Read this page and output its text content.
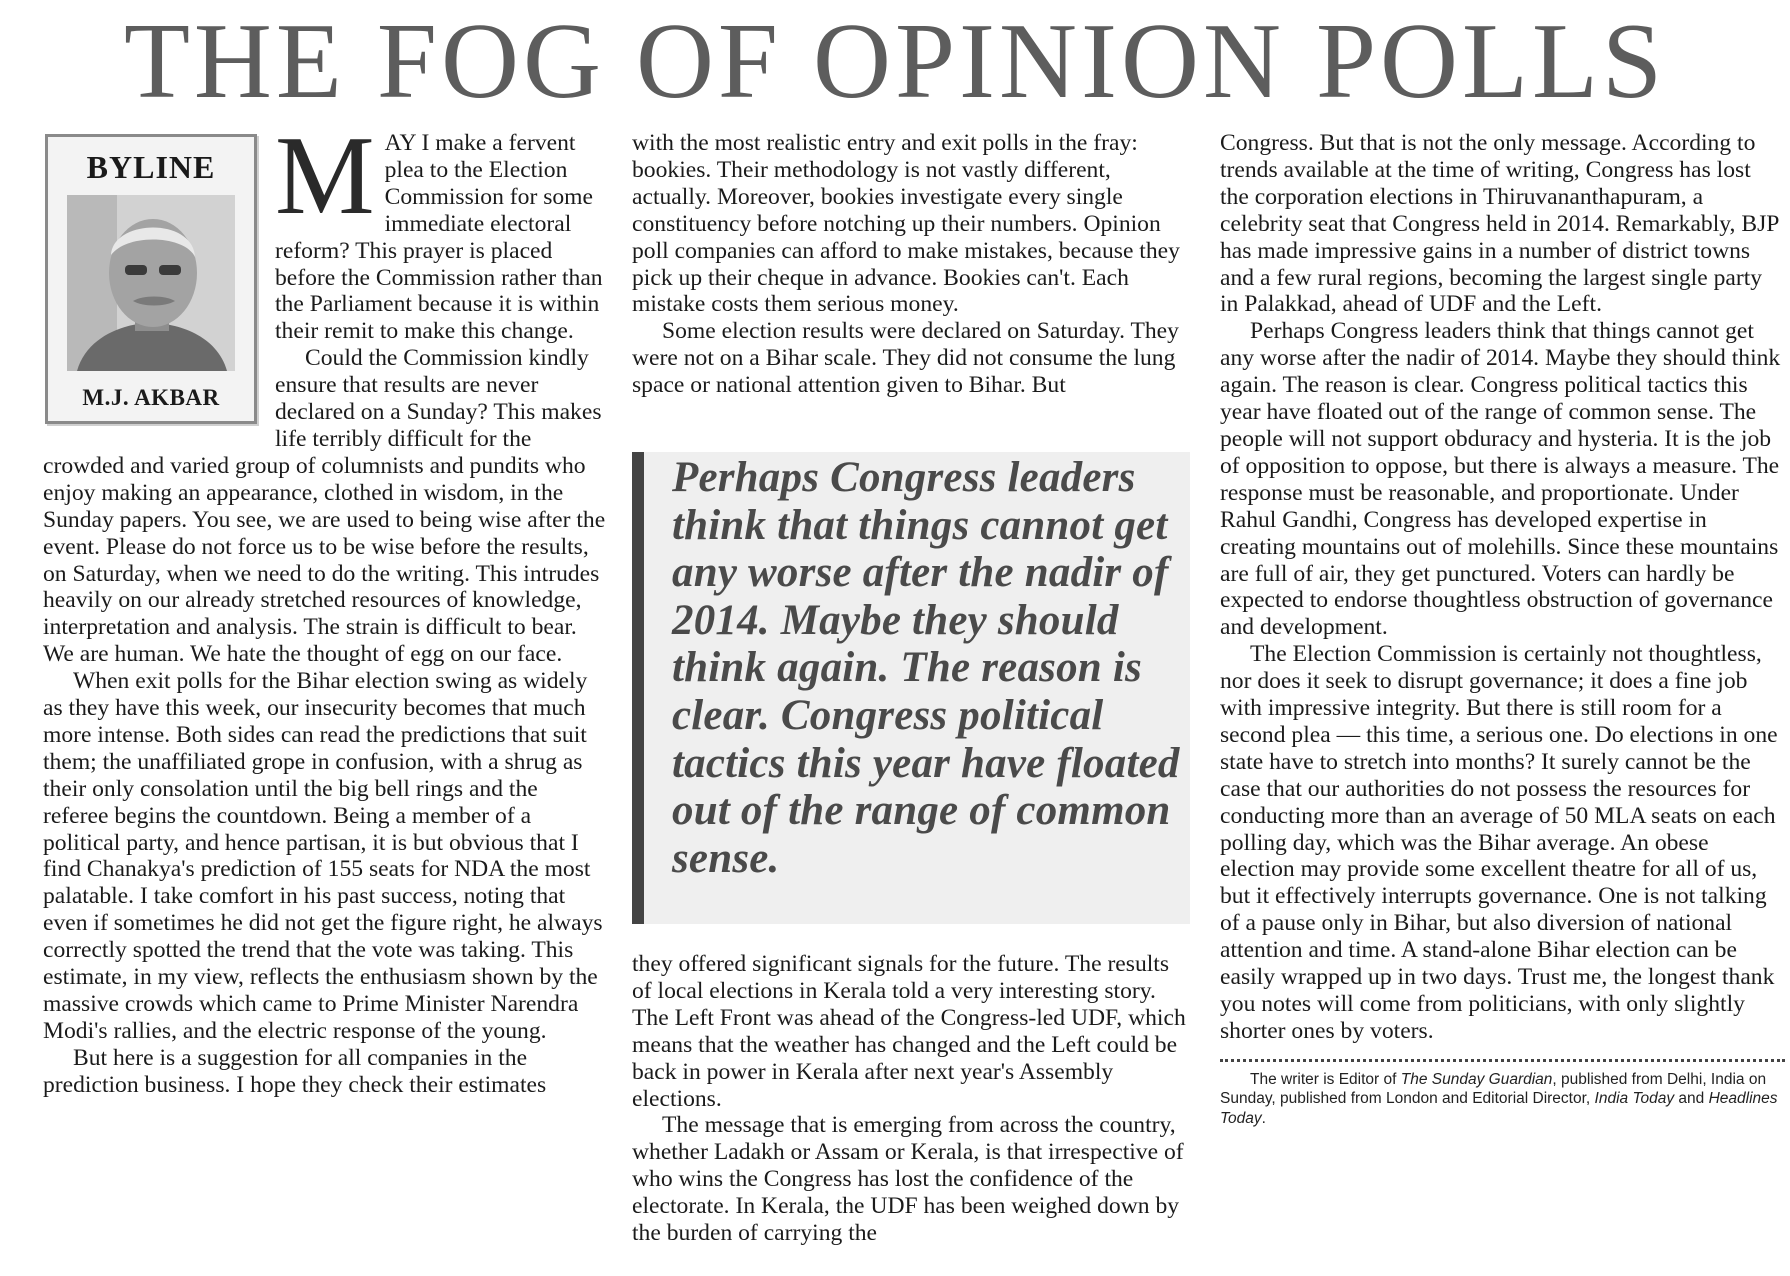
THE FOG OF OPINION POLLS
BYLINE
M.J. AKBAR

MAY I make a fervent plea to the Election Commission for some immediate electoral reform? This prayer is placed before the Commission rather than the Parliament because it is within their remit to make this change.

Could the Commission kindly ensure that results are never declared on a Sunday? This makes life terribly difficult for the crowded and varied group of columnists and pundits who enjoy making an appearance, clothed in wisdom, in the Sunday papers. You see, we are used to being wise after the event. Please do not force us to be wise before the results, on Saturday, when we need to do the writing. This intrudes heavily on our already stretched resources of knowledge, interpretation and analysis. The strain is difficult to bear. We are human. We hate the thought of egg on our face.

When exit polls for the Bihar election swing as widely as they have this week, our insecurity becomes that much more intense. Both sides can read the predictions that suit them; the unaffiliated grope in confusion, with a shrug as their only consolation until the big bell rings and the referee begins the countdown. Being a member of a political party, and hence partisan, it is but obvious that I find Chanakya's prediction of 155 seats for NDA the most palatable. I take comfort in his past success, noting that even if sometimes he did not get the figure right, he always correctly spotted the trend that the vote was taking. This estimate, in my view, reflects the enthusiasm shown by the massive crowds which came to Prime Minister Narendra Modi's rallies, and the electric response of the young.

But here is a suggestion for all companies in the prediction business. I hope they check their estimates

with the most realistic entry and exit polls in the fray: bookies. Their methodology is not vastly different, actually. Moreover, bookies investigate every single constituency before notching up their numbers. Opinion poll companies can afford to make mistakes, because they pick up their cheque in advance. Bookies can't. Each mistake costs them serious money.

Some election results were declared on Saturday. They were not on a Bihar scale. They did not consume the lung space or national attention given to Bihar. But

Perhaps Congress leaders think that things cannot get any worse after the nadir of 2014. Maybe they should think again. The reason is clear. Congress political tactics this year have floated out of the range of common sense.

they offered significant signals for the future. The results of local elections in Kerala told a very interesting story. The Left Front was ahead of the Congress-led UDF, which means that the weather has changed and the Left could be back in power in Kerala after next year's Assembly elections.

The message that is emerging from across the country, whether Ladakh or Assam or Kerala, is that irrespective of who wins the Congress has lost the confidence of the electorate. In Kerala, the UDF has been weighed down by the burden of carrying the

Congress. But that is not the only message. According to trends available at the time of writing, Congress has lost the corporation elections in Thiruvananthapuram, a celebrity seat that Congress held in 2014. Remarkably, BJP has made impressive gains in a number of district towns and a few rural regions, becoming the largest single party in Palakkad, ahead of UDF and the Left.

Perhaps Congress leaders think that things cannot get any worse after the nadir of 2014. Maybe they should think again. The reason is clear. Congress political tactics this year have floated out of the range of common sense. The people will not support obduracy and hysteria. It is the job of opposition to oppose, but there is always a measure. The response must be reasonable, and proportionate. Under Rahul Gandhi, Congress has developed expertise in creating mountains out of molehills. Since these mountains are full of air, they get punctured. Voters can hardly be expected to endorse thoughtless obstruction of governance and development.

The Election Commission is certainly not thoughtless, nor does it seek to disrupt governance; it does a fine job with impressive integrity. But there is still room for a second plea — this time, a serious one. Do elections in one state have to stretch into months? It surely cannot be the case that our authorities do not possess the resources for conducting more than an average of 50 MLA seats on each polling day, which was the Bihar average. An obese election may provide some excellent theatre for all of us, but it effectively interrupts governance. One is not talking of a pause only in Bihar, but also diversion of national attention and time. A stand-alone Bihar election can be easily wrapped up in two days. Trust me, the longest thank you notes will come from politicians, with only slightly shorter ones by voters.

The writer is Editor of The Sunday Guardian, published from Delhi, India on Sunday, published from London and Editorial Director, India Today and Headlines Today.
